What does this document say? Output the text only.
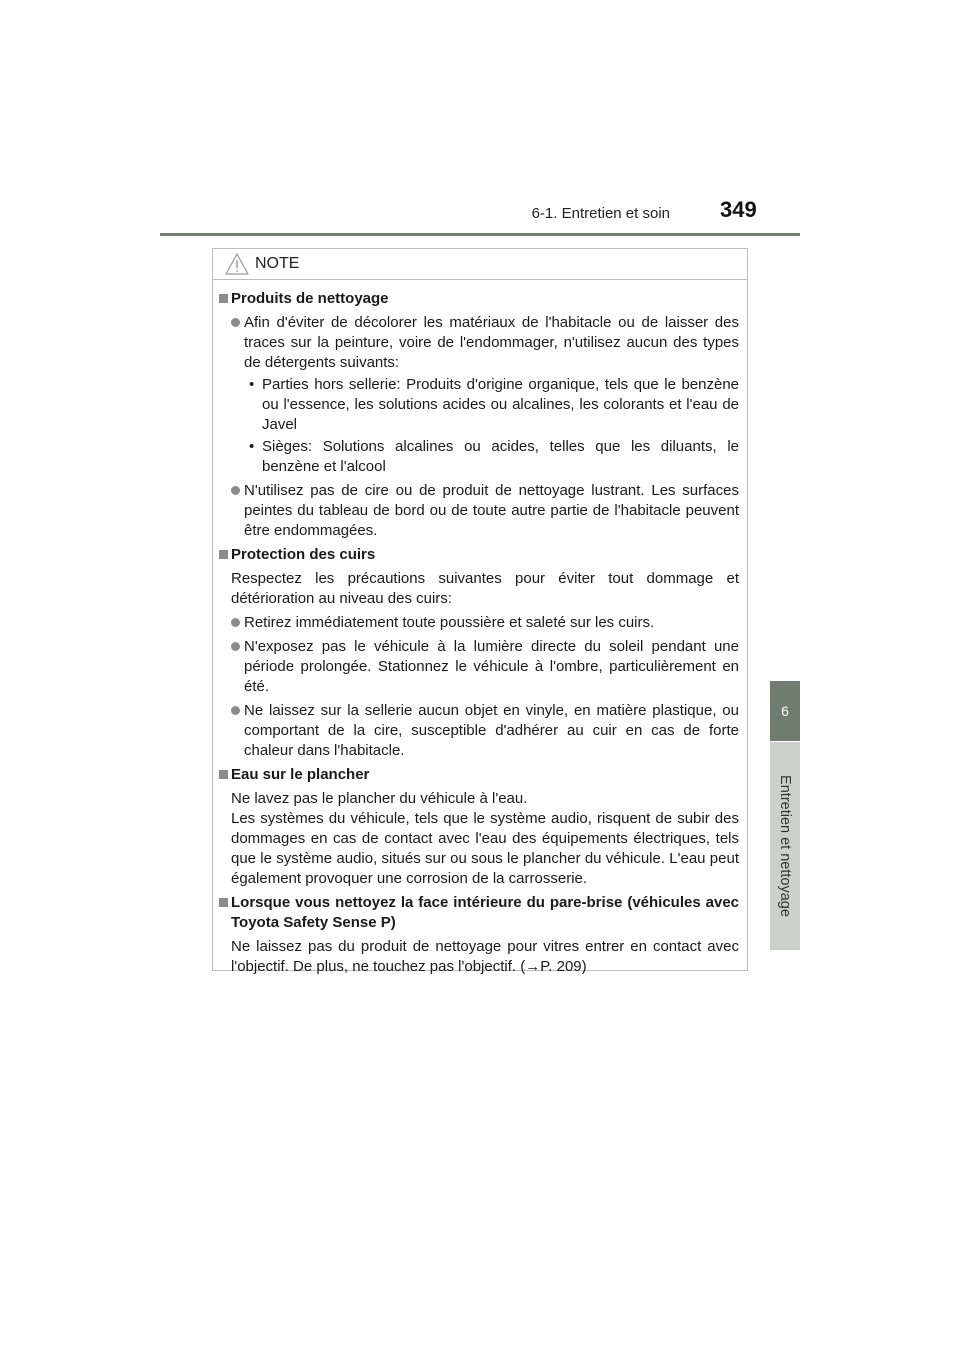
6-1. Entretien et soin 349
6
Entretien et nettoyage
NOTE
Produits de nettoyage
Afin d'éviter de décolorer les matériaux de l'habitacle ou de laisser des traces sur la peinture, voire de l'endommager, n'utilisez aucun des types de détergents suivants:
• Parties hors sellerie: Produits d'origine organique, tels que le benzène ou l'essence, les solutions acides ou alcalines, les colorants et l'eau de Javel
• Sièges: Solutions alcalines ou acides, telles que les diluants, le benzène et l'alcool
N'utilisez pas de cire ou de produit de nettoyage lustrant. Les surfaces peintes du tableau de bord ou de toute autre partie de l'habitacle peuvent être endommagées.
Protection des cuirs
Respectez les précautions suivantes pour éviter tout dommage et détérioration au niveau des cuirs:
Retirez immédiatement toute poussière et saleté sur les cuirs.
N'exposez pas le véhicule à la lumière directe du soleil pendant une période prolongée. Stationnez le véhicule à l'ombre, particulièrement en été.
Ne laissez sur la sellerie aucun objet en vinyle, en matière plastique, ou comportant de la cire, susceptible d'adhérer au cuir en cas de forte chaleur dans l'habitacle.
Eau sur le plancher
Ne lavez pas le plancher du véhicule à l'eau.
Les systèmes du véhicule, tels que le système audio, risquent de subir des dommages en cas de contact avec l'eau des équipements électriques, tels que le système audio, situés sur ou sous le plancher du véhicule. L'eau peut également provoquer une corrosion de la carrosserie.
Lorsque vous nettoyez la face intérieure du pare-brise (véhicules avec Toyota Safety Sense P)
Ne laissez pas du produit de nettoyage pour vitres entrer en contact avec l'objectif. De plus, ne touchez pas l'objectif. (→P. 209)
